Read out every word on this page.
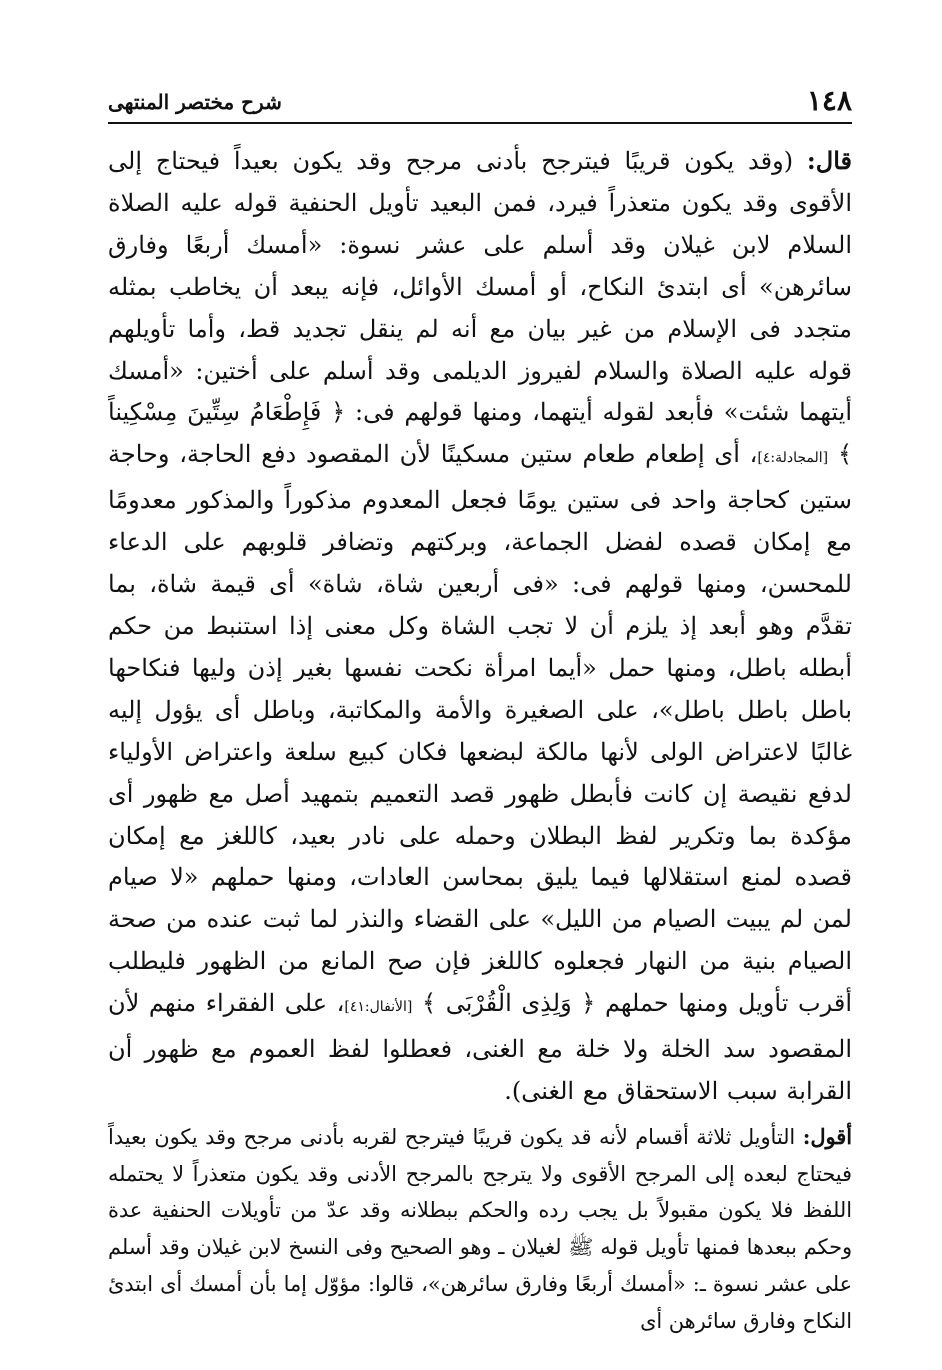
شرح مختصر المنتهى	١٤٨

قال: (وقد يكون قريبًا فيترجح بأدنى مرجح وقد يكون بعيداً فيحتاج إلى الأقوى وقد يكون متعذراً فيرد، فمن البعيد تأويل الحنفية قوله عليه الصلاة السلام لابن غيلان وقد أسلم على عشر نسوة: «أمسك أربعًا وفارق سائرهن» أى ابتدئ النكاح، أو أمسك الأوائل، فإنه يبعد أن يخاطب بمثله متجدد فى الإسلام من غير بيان مع أنه لم ينقل تجديد قط، وأما تأويلهم قوله عليه الصلاة والسلام لفيروز الديلمى وقد أسلم على أختين: «أمسك أيتهما شئت» فأبعد لقوله أيتهما، ومنها قولهم فى: ﴿ فَإِطْعَامُ سِتِّينَ مِسْكِيناً ﴾ [المجادلة:٤]، أى إطعام طعام ستين مسكينًا لأن المقصود دفع الحاجة، وحاجة ستين كحاجة واحد فى ستين يومًا فجعل المعدوم مذكوراً والمذكور معدومًا مع إمكان قصده لفضل الجماعة، وبركتهم وتضافر قلوبهم على الدعاء للمحسن، ومنها قولهم فى: «فى أربعين شاة، شاة» أى قيمة شاة، بما تقدَّم وهو أبعد إذ يلزم أن لا تجب الشاة وكل معنى إذا استنبط من حكم أبطله باطل، ومنها حمل «أيما امرأة نكحت نفسها بغير إذن وليها فنكاحها باطل باطل باطل»، على الصغيرة والأمة والمكاتبة، وباطل أى يؤول إليه غالبًا لاعتراض الولى لأنها مالكة لبضعها فكان كبيع سلعة واعتراض الأولياء لدفع نقيصة إن كانت فأبطل ظهور قصد التعميم بتمهيد أصل مع ظهور أى مؤكدة بما وتكرير لفظ البطلان وحمله على نادر بعيد، كاللغز مع إمكان قصده لمنع استقلالها فيما يليق بمحاسن العادات، ومنها حملهم «لا صيام لمن لم يبيت الصيام من الليل» على القضاء والنذر لما ثبت عنده من صحة الصيام بنية من النهار فجعلوه كاللغز فإن صح المانع من الظهور فليطلب أقرب تأويل ومنها حملهم ﴿ وَلِذِى الْقُرْبَى ﴾ [الأنفال:٤١]، على الفقراء منهم لأن المقصود سد الخلة ولا خلة مع الغنى، فعطلوا لفظ العموم مع ظهور أن القرابة سبب الاستحقاق مع الغنى).

أقول: التأويل ثلاثة أقسام لأنه قد يكون قريبًا فيترجح لقربه بأدنى مرجح وقد يكون بعيداً فيحتاج لبعده إلى المرجح الأقوى ولا يترجح بالمرجح الأدنى وقد يكون متعذراً لا يحتمله اللفظ فلا يكون مقبولاً بل يجب رده والحكم ببطلانه وقد عدّ من تأويلات الحنفية عدة وحكم ببعدها فمنها تأويل قوله ﷺ لغيلان ـ وهو الصحيح وفى النسخ لابن غيلان وقد أسلم على عشر نسوة ـ: «أمسك أربعًا وفارق سائرهن»، قالوا: مؤوّل إما بأن أمسك أى ابتدئ النكاح وفارق سائرهن أى
